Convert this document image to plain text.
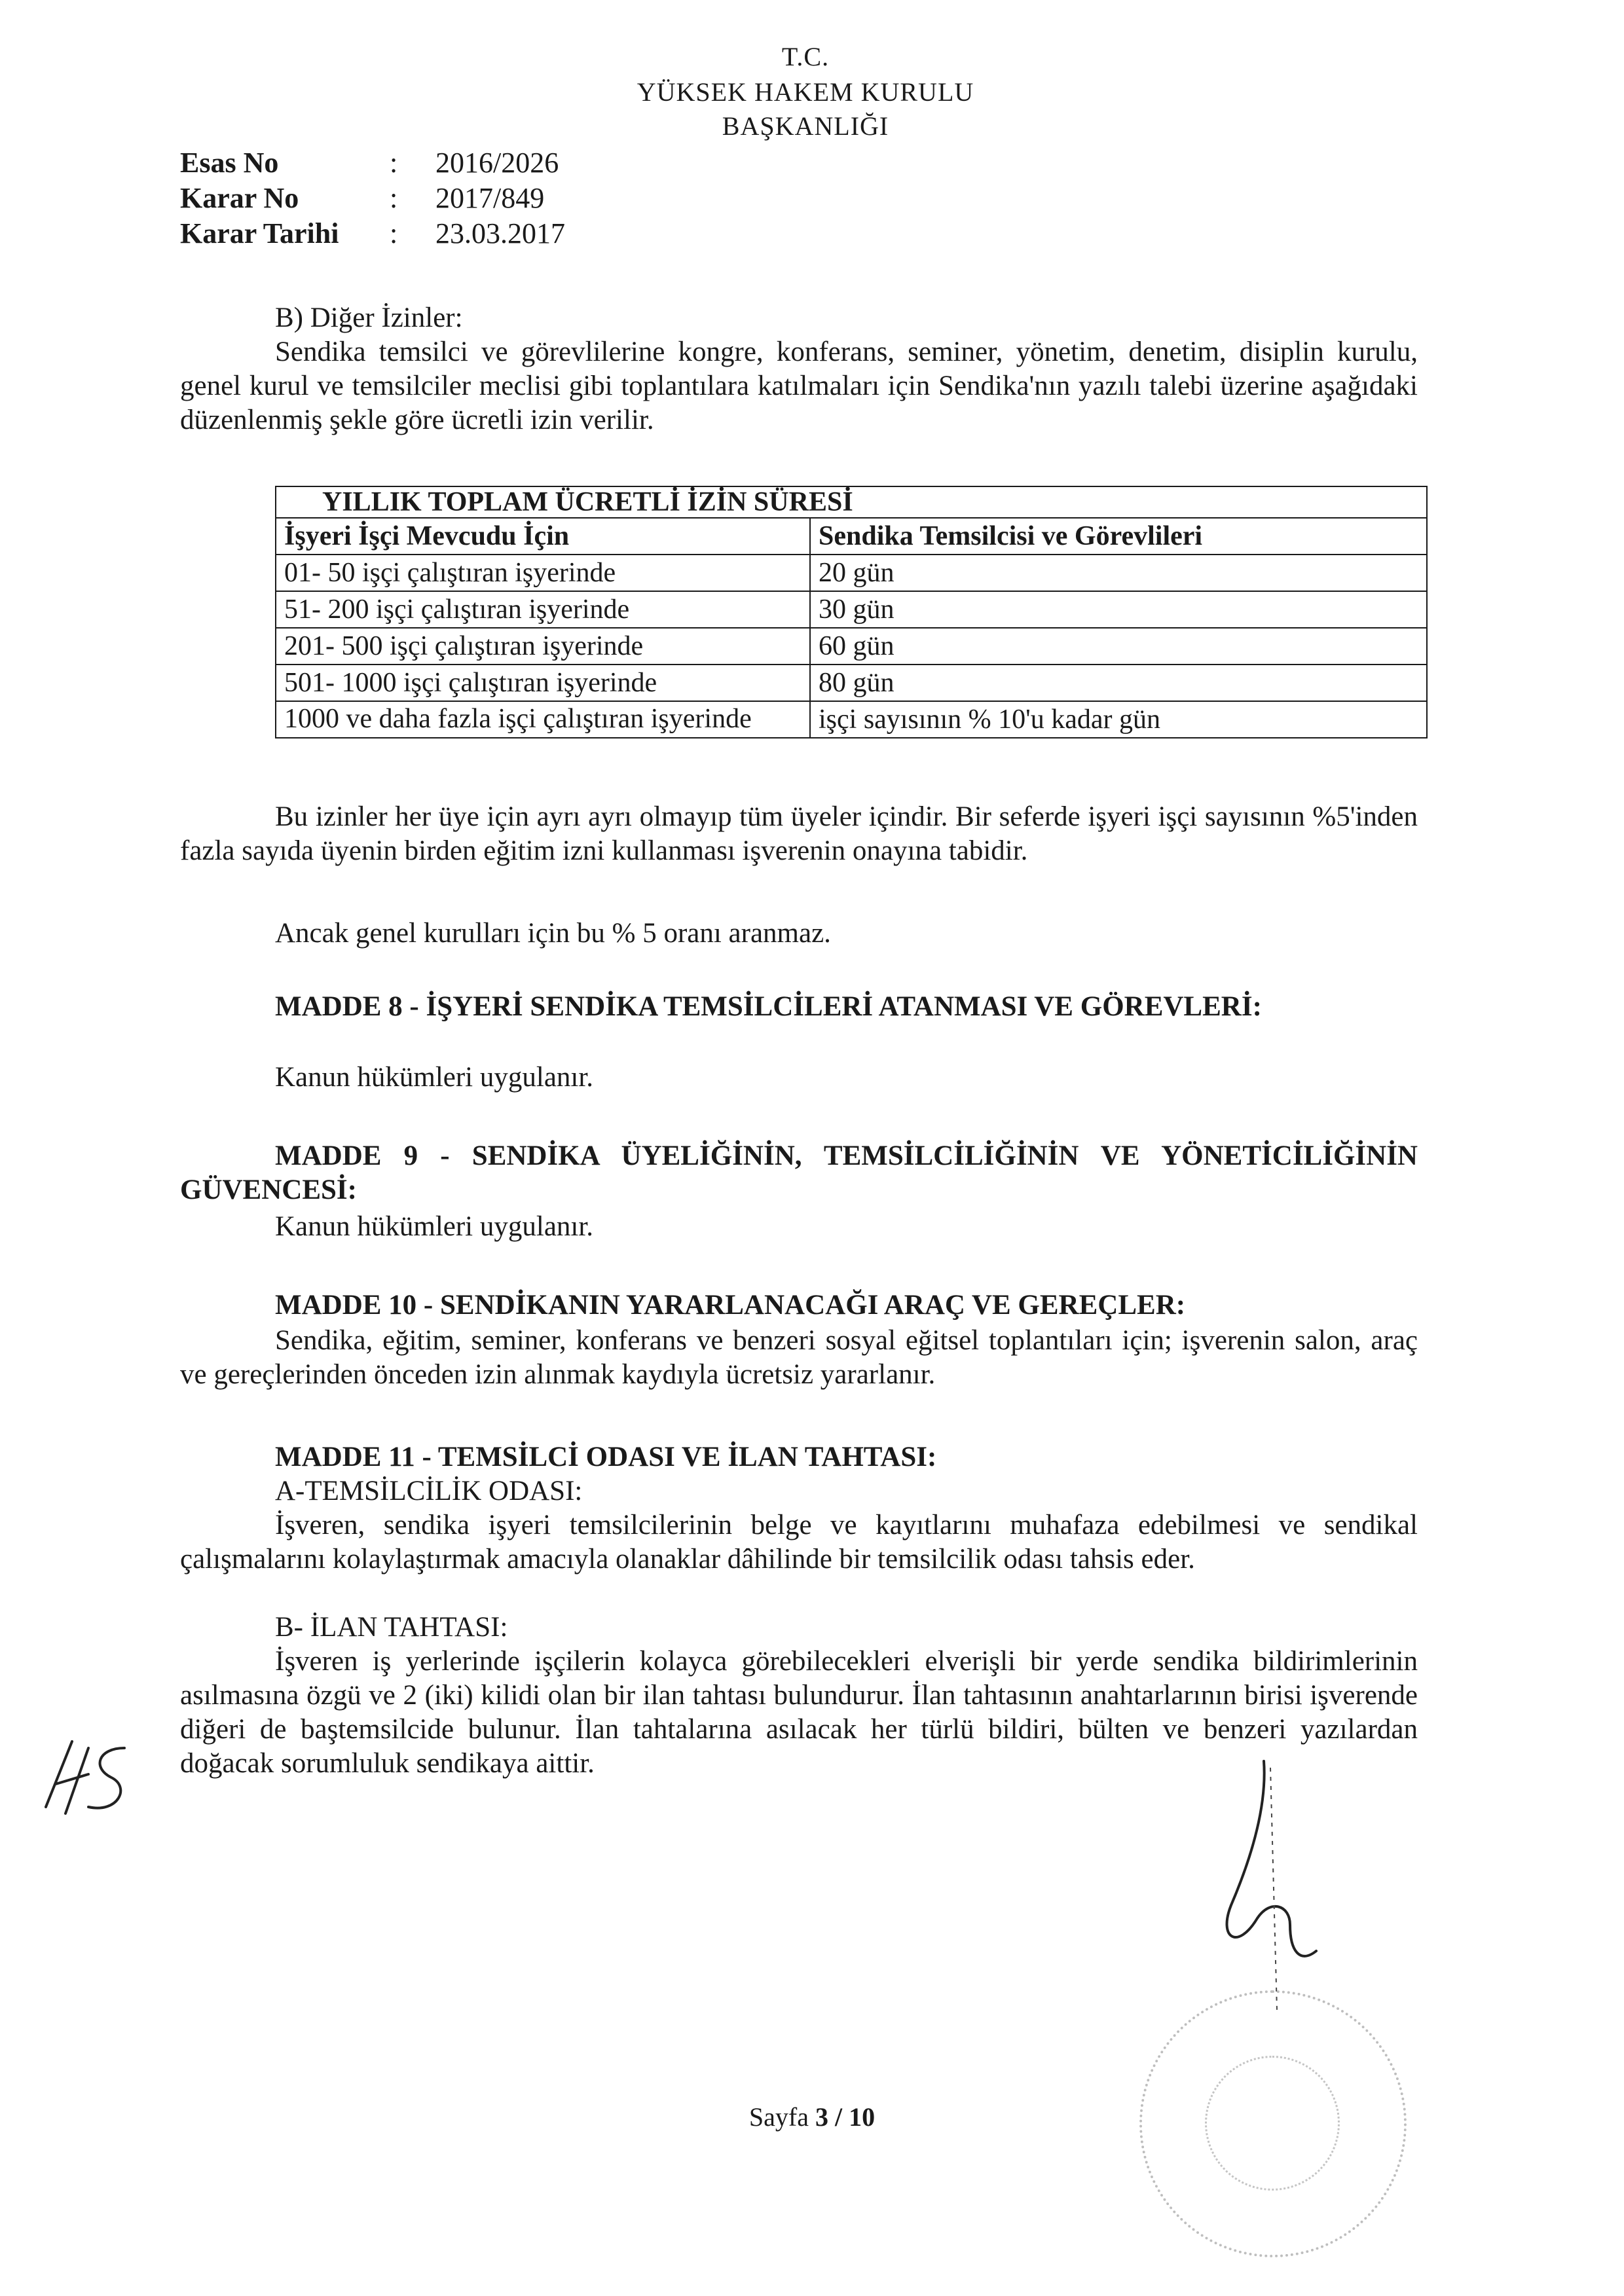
T.C.
YÜKSEK HAKEM KURULU
BAŞKANLIĞI
Esas No	: 2016/2026
Karar No	: 2017/849
Karar Tarihi : 23.03.2017
B) Diğer İzinler:
Sendika temsilci ve görevlilerine kongre, konferans, seminer, yönetim, denetim, disiplin kurulu, genel kurul ve temsilciler meclisi gibi toplantılara katılmaları için Sendika'nın yazılı talebi üzerine aşağıdaki düzenlenmiş şekle göre ücretli izin verilir.
YILLIK TOPLAM ÜCRETLİ İZİN SÜRESİ	
İşyeri İşçi Mevcudu İçin	Sendika Temsilcisi ve Görevlileri
01- 50 işçi çalıştıran işyerinde	20 gün
51- 200 işçi çalıştıran işyerinde	30 gün
201- 500 işçi çalıştıran işyerinde	60 gün
501- 1000 işçi çalıştıran işyerinde	80 gün
1000 ve daha fazla işçi çalıştıran işyerinde	işçi sayısının % 10'u kadar gün
Bu izinler her üye için ayrı ayrı olmayıp tüm üyeler içindir. Bir seferde işyeri işçi sayısının %5'inden fazla sayıda üyenin birden eğitim izni kullanması işverenin onayına tabidir.
Ancak genel kurulları için bu % 5 oranı aranmaz.
MADDE 8 - İŞYERİ SENDİKA TEMSİLCİLERİ ATANMASI VE GÖREVLERİ:
Kanun hükümleri uygulanır.
MADDE 9 - SENDİKA ÜYELİĞİNİN, TEMSİLCİLİĞİNİN VE YÖNETİCİLİĞİNİN GÜVENCESİ:
Kanun hükümleri uygulanır.
MADDE 10 - SENDİKANIN YARARLANACAĞI ARAÇ VE GEREÇLER:
Sendika, eğitim, seminer, konferans ve benzeri sosyal eğitsel toplantıları için; işverenin salon, araç ve gereçlerinden önceden izin alınmak kaydıyla ücretsiz yararlanır.
MADDE 11 - TEMSİLCİ ODASI VE İLAN TAHTASI:
A-TEMSİLCİLİK ODASI:
İşveren, sendika işyeri temsilcilerinin belge ve kayıtlarını muhafaza edebilmesi ve sendikal çalışmalarını kolaylaştırmak amacıyla olanaklar dâhilinde bir temsilcilik odası tahsis eder.
B- İLAN TAHTASI:
İşveren iş yerlerinde işçilerin kolayca görebilecekleri elverişli bir yerde sendika bildirimlerinin asılmasına özgü ve 2 (iki) kilidi olan bir ilan tahtası bulundurur. İlan tahtasının anahtarlarının birisi işverende diğeri de baştemsilcide bulunur. İlan tahtalarına asılacak her türlü bildiri, bülten ve benzeri yazılardan doğacak sorumluluk sendikaya aittir.
Sayfa 3 / 10
